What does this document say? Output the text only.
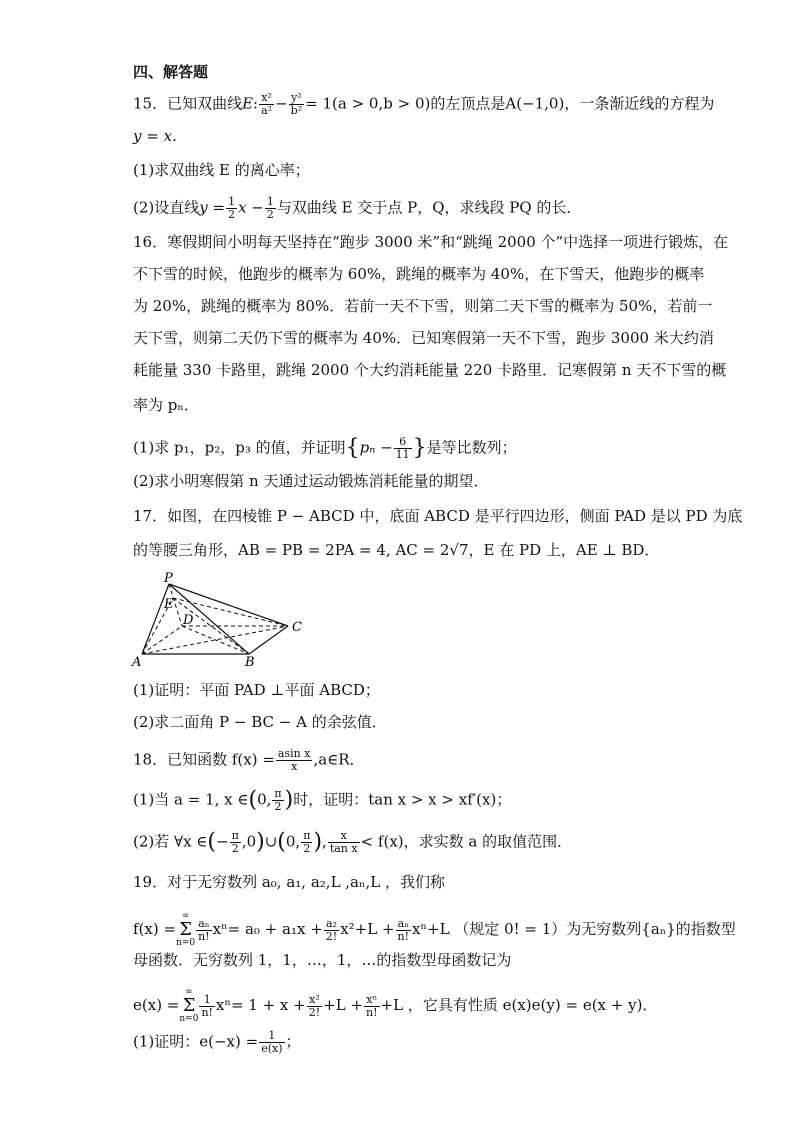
四、解答题
15．已知双曲线E: $\frac{\text{x²}}{\text{a²}} - \frac{\text{y²}}{\text{b²}} = 1(a > 0,b > 0)$的左顶点是A(−1,0)，一条渐近线的方程为
y = x．
(1)求双曲线 E 的离心率；
(2)设直线$y = \frac{1}{2}$ $x - \frac{1}{2}$ 与双曲线 E 交于点 P，Q，求线段 PQ 的长．
16．寒假期间小明每天坚持在“跑步 3000 米”和“跳绳 2000 个”中选择一项进行锻炼，在
不下雪的时候，他跑步的概率为 60%，跳绳的概率为 40%，在下雪天，他跑步的概率
为 20%，跳绳的概率为 80%．若前一天不下雪，则第二天下雪的概率为 50%，若前一
天下雪，则第二天仍下雪的概率为 40%．已知寒假第一天不下雪，跑步 3000 米大约消
耗能量 330 卡路里，跳绳 2000 个大约消耗能量 220 卡路里．记寒假第 n 天不下雪的概
率为 pₙ．
(1)求 p₁，p₂，p₃ 的值，并证明{$p_n - \frac{6}{11}$ }是等比数列；
(2)求小明寒假第 n 天通过运动锻炼消耗能量的期望．
17．如图，在四棱锥 P − ABCD 中，底面 ABCD 是平行四边形，侧面 PAD 是以 PD 为底
的等腰三角形，AB = PB = 2PA = 4, AC = 2√7，E 在 PD 上，AE ⊥ BD．
P
E
D	C
A	B
(1)证明：平面 PAD ⊥平面 ABCD；
(2)求二面角 P − BC − A 的余弦值．
18．已知函数 $f(x) = \frac{\text{asin x}}{x}$ ,a∈R．
(1)当 a = 1, x ∈(0, $\frac{\pi}{2}$ )时，证明：tan x > x > xf′(x)；
(2)若 ∀x ∈(− $\frac{\pi}{2}$ ,0)∪(0, $\frac{\pi}{2}$ ), $\frac{x}{\text{tan x}} < f(x)$，求实数 a 的取值范围．
19．对于无穷数列 a₀, a₁, a₂,L ,aₙ,L ，我们称
f(x) =∞
Σ
n=0
$\frac{\text{aₙ}}{n!} x^n= a_0 + a_1x + \frac{\text{a₂}}{2!} x^2+L + \frac{\text{aₙ}}{n!} x^n+L$ （规定 0! = 1）为无穷数列{aₙ}的指数型
母函数．无穷数列 1，1，…，1，…的指数型母函数记为
e(x) =∞
Σ
n=0
$\frac{1}{n!} x^n= 1 + x + \frac{\text{x²}}{2!} +L + \frac{\text{xⁿ}}{n!} +L$ ，它具有性质 e(x)e(y) = e(x + y)．
(1)证明：$e(-x) = \frac{1}{e(x)}$ ；
